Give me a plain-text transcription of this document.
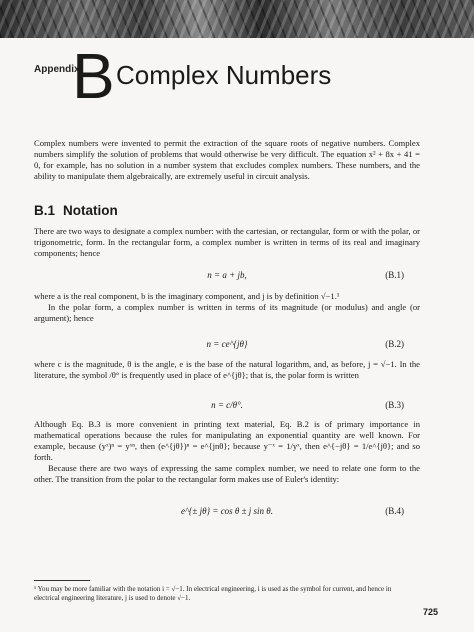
Appendix
B Complex Numbers

Complex numbers were invented to permit the extraction of the square roots of negative numbers. Complex numbers simplify the solution of problems that would otherwise be very difficult. The equation x² + 8x + 41 = 0, for example, has no solution in a number system that excludes complex numbers. These numbers, and the ability to manipulate them algebraically, are extremely useful in circuit analysis.

B.1 Notation

There are two ways to designate a complex number: with the cartesian, or rectangular, form or with the polar, or trigonometric, form. In the rectangular form, a complex number is written in terms of its real and imaginary components; hence

n = a + jb,	(B.1)

where a is the real component, b is the imaginary component, and j is by definition √−1.¹

In the polar form, a complex number is written in terms of its magnitude (or modulus) and angle (or argument); hence

n = ce^{jθ}	(B.2)

where c is the magnitude, θ is the angle, e is the base of the natural logarithm, and, as before, j = √−1. In the literature, the symbol /θ° is frequently used in place of e^{jθ}; that is, the polar form is written

n = c/θ°.	(B.3)

Although Eq. B.3 is more convenient in printing text material, Eq. B.2 is of primary importance in mathematical operations because the rules for manipulating an exponential quantity are well known. For example, because (yˣ)ⁿ = yˣⁿ, then (e^{jθ})ⁿ = e^{jnθ}; because y⁻ˣ = 1/yˣ, then e^{−jθ} = 1/e^{jθ}; and so forth.

Because there are two ways of expressing the same complex number, we need to relate one form to the other. The transition from the polar to the rectangular form makes use of Euler's identity:

e^{± jθ} = cos θ ± j sin θ.	(B.4)
¹ You may be more familiar with the notation i = √−1. In electrical engineering, i is used as the symbol for current, and hence in electrical engineering literature, j is used to denote √−1.
725
